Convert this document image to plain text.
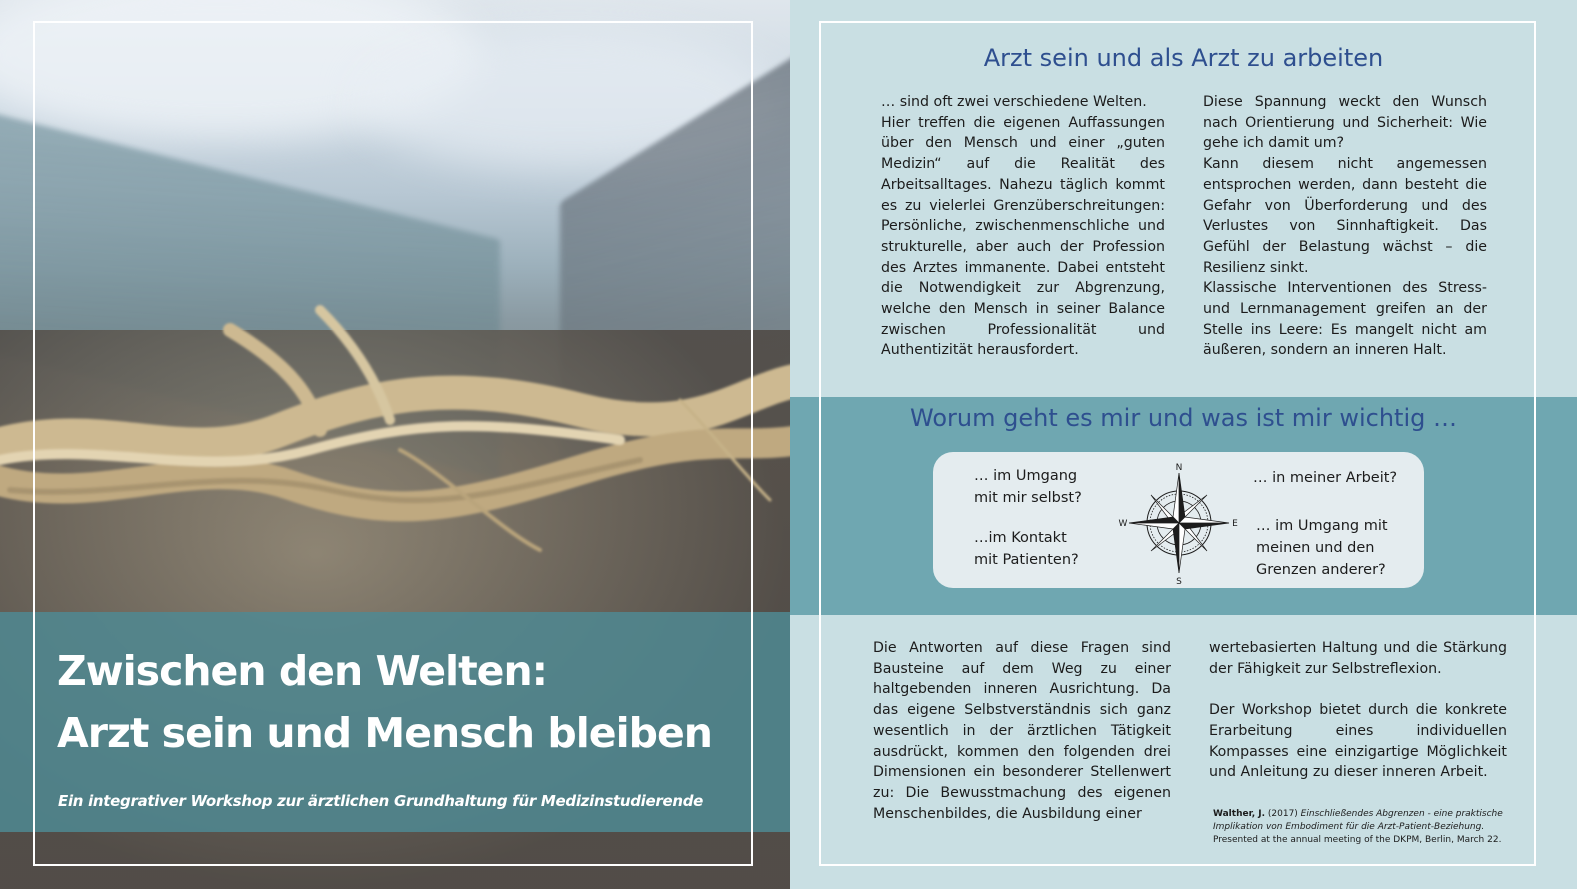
Zwischen den Welten:
Arzt sein und Mensch bleiben
Ein integrativer Workshop zur ärztlichen Grundhaltung für Medizinstudierende
Arzt sein und als Arzt zu arbeiten

… sind oft zwei verschiedene Welten.

Hier treffen die eigenen Auffassungen über den Mensch und einer „guten Medizin“ auf die Realität des Arbeitsalltages. Nahezu täglich kommt es zu vielerlei Grenzüberschreitungen: Persönliche, zwischenmenschliche und strukturelle, aber auch der Profession des Arztes immanente. Dabei entsteht die Notwendigkeit zur Abgrenzung, welche den Mensch in seiner Balance zwischen Professionalität und Authentizität herausfordert.

Diese Spannung weckt den Wunsch nach Orientierung und Sicherheit: Wie gehe ich damit um?

Kann diesem nicht angemessen entsprochen werden, dann besteht die Gefahr von Überforderung und des Verlustes von Sinnhaftigkeit. Das Gefühl der Belastung wächst – die Resilienz sinkt.

Klassische Interventionen des Stress- und Lernmanagement greifen an der Stelle ins Leere: Es mangelt nicht am äußeren, sondern an inneren Halt.

Worum geht es mir und was ist mir wichtig …
… im Umgang
mit mir selbst?
…im Kontakt
mit Patienten?
… in meiner Arbeit?
… im Umgang mit
meinen und den
Grenzen anderer?
N
E
S
W

Die Antworten auf diese Fragen sind Bausteine auf dem Weg zu einer haltgebenden inneren Ausrichtung. Da das eigene Selbstverständnis sich ganz wesentlich in der ärztlichen Tätigkeit ausdrückt, kommen den folgenden drei Dimensionen ein besonderer Stellenwert zu: Die Bewusstmachung des eigenen Menschenbildes, die Ausbildung einer

wertebasierten Haltung und die Stärkung der Fähigkeit zur Selbstreflexion.

Der Workshop bietet durch die konkrete Erarbeitung eines individuellen Kompasses eine einzigartige Möglichkeit und Anleitung zu dieser inneren Arbeit.

Walther, J. (2017) Einschließendes Abgrenzen - eine praktische Implikation von Embodiment für die Arzt-Patient-Beziehung.
Presented at the annual meeting of the DKPM, Berlin, March 22.
